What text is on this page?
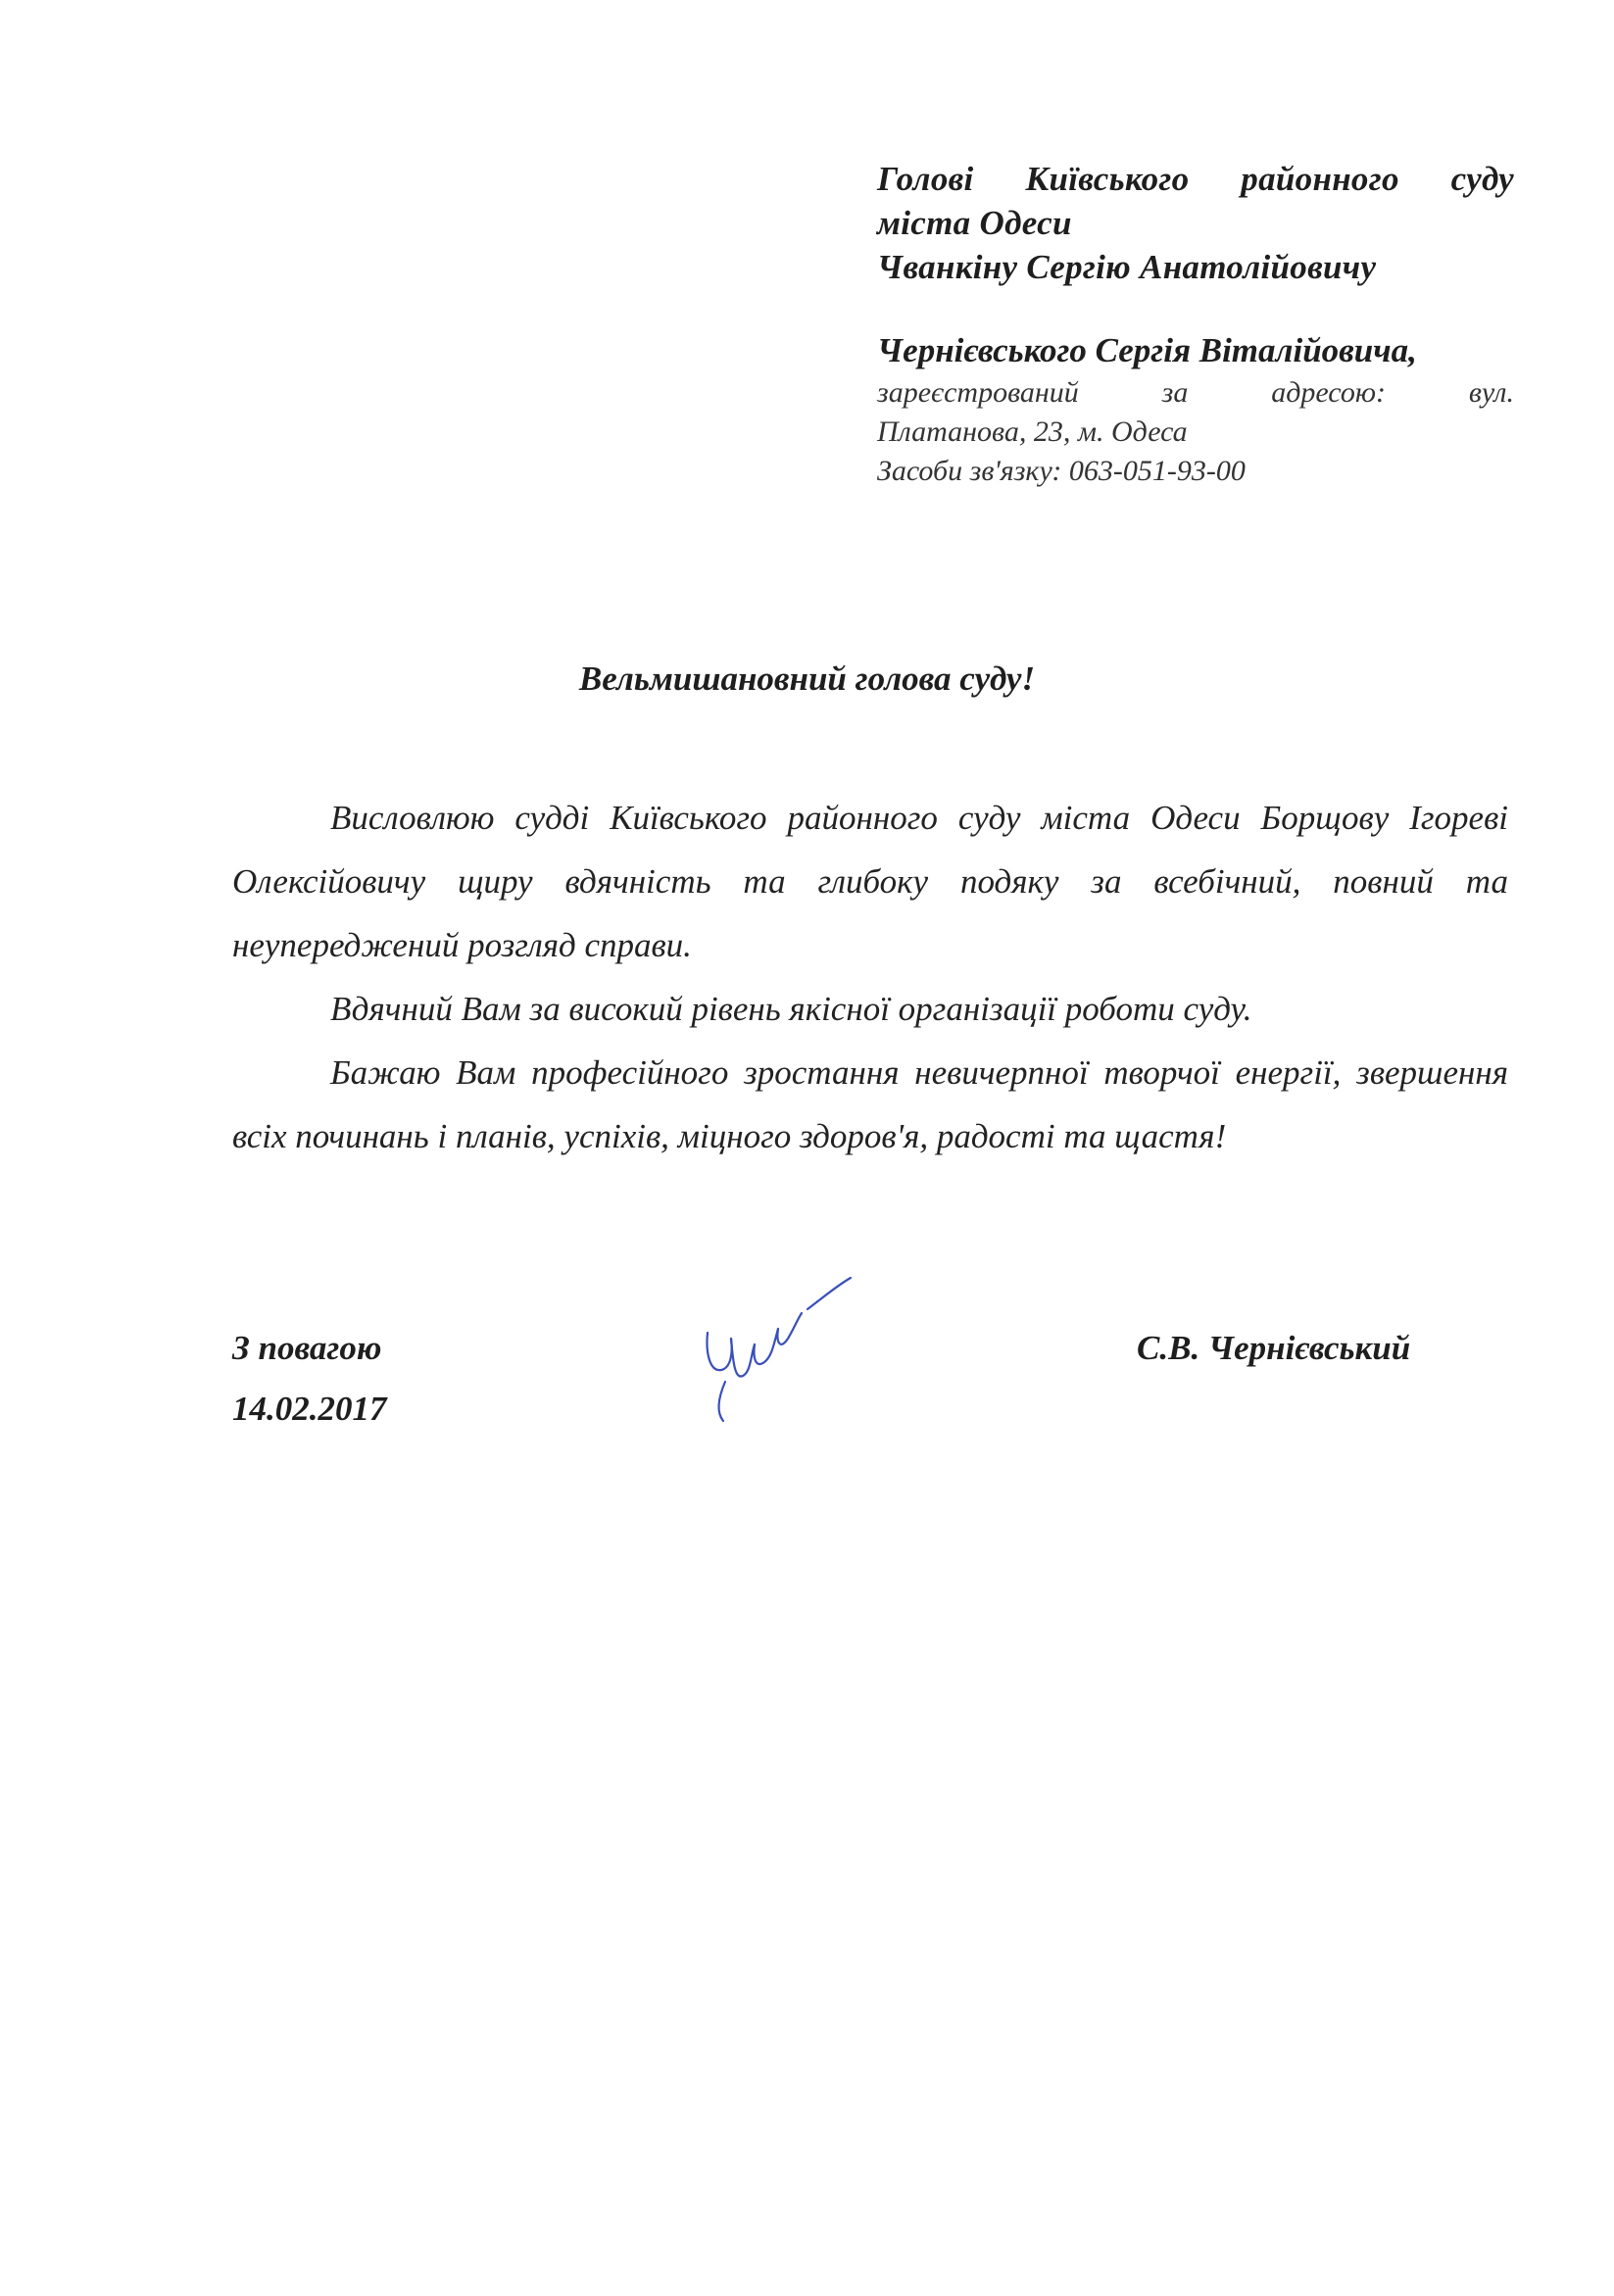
Голові Київського районного суду
міста Одеси
Чванкіну Сергію Анатолійовичу
Чернієвського Сергія Віталійовича,
зареєстрований за адресою: вул.
Платанова, 23, м. Одеса
Засоби зв'язку: 063-051-93-00
Вельмишановний голова суду!

Висловлюю судді Київського районного суду міста Одеси Борщову Ігореві Олексійовичу щиру вдячність та глибоку подяку за всебічний, повний та неупереджений розгляд справи.

Вдячний Вам за високий рівень якісної організації роботи суду.

Бажаю Вам професійного зростання невичерпної творчої енергії, звершення всіх починань і планів, успіхів, міцного здоров'я, радості та щастя!

З повагою
14.02.2017
С.В. Чернієвський
